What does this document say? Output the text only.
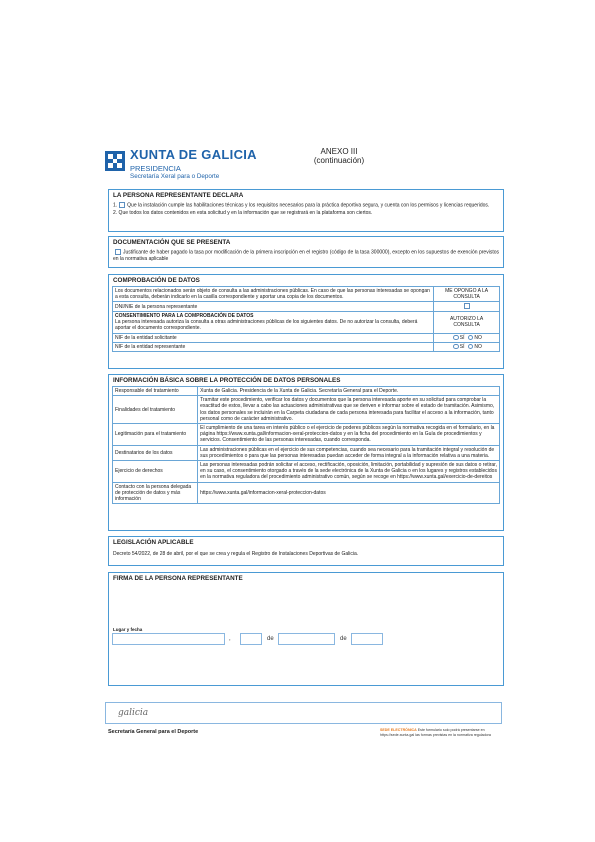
XUNTA DE GALICIA
PRESIDENCIA
Secretaría Xeral para o Deporte
ANEXO III
(continuación)
LA PERSONA REPRESENTANTE DECLARA

1. Que la instalación cumple las habilitaciones técnicas y los requisitos necesarios para la práctica deportiva segura, y cuenta con los permisos y licencias requeridos.

2. Que todos los datos contenidos en esta solicitud y en la información que se registrará en la plataforma son ciertos.

DOCUMENTACIÓN QUE SE PRESENTA

Justificante de haber pagado la tasa por modificación de la primera inscripción en el registro (código de la tasa 300000), excepto en los supuestos de exención previstos en la normativa aplicable

COMPROBACIÓN DE DATOS
Los documentos relacionados serán objeto de consulta a las administraciones públicas. En caso de que las personas interesadas se opongan a esta consulta, deberán indicarlo en la casilla correspondiente y aportar una copia de los documentos.	ME OPONGO A LA CONSULTA
DNI/NIE de la persona representante	

CONSENTIMIENTO PARA LA COMPROBACIÓN DE DATOS
La persona interesada autoriza la consulta a otras administraciones públicas de los siguientes datos. De no autorizar la consulta, deberá aportar el documento correspondiente.	AUTORIZO LA CONSULTA
NIF de la entidad solicitante	SÍ NO
NIF de la entidad representante	SÍ NO
INFORMACIÓN BÁSICA SOBRE LA PROTECCIÓN DE DATOS PERSONALES
Responsable del tratamiento	Xunta de Galicia. Presidencia de la Xunta de Galicia. Secretaría General para el Deporte.
Finalidades del tratamiento	Tramitar este procedimiento, verificar los datos y documentos que la persona interesada aporte en su solicitud para comprobar la exactitud de estos, llevar a cabo las actuaciones administrativas que se deriven e informar sobre el estado de tramitación. Asimismo, los datos personales se incluirán en la Carpeta ciudadana de cada persona interesada para facilitar el acceso a la información, tanto personal como de carácter administrativo.
Legitimación para el tratamiento	El cumplimiento de una tarea en interés público o el ejercicio de poderes públicos según la normativa recogida en el formulario, en la página https://www.xunta.gal/informacion-xeral-proteccion-datos y en la ficha del procedimiento en la Guía de procedimientos y servicios. Consentimiento de las personas interesadas, cuando corresponda.
Destinatarios de los datos	Las administraciones públicas en el ejercicio de sus competencias, cuando sea necesario para la tramitación integral y resolución de sus procedimientos o para que las personas interesadas puedan acceder de forma integral a la información relativa a una materia.
Ejercicio de derechos	Las personas interesadas podrán solicitar el acceso, rectificación, oposición, limitación, portabilidad y supresión de sus datos o retirar, en su caso, el consentimiento otorgado a través de la sede electrónica de la Xunta de Galicia o en los lugares y registros establecidos en la normativa reguladora del procedimiento administrativo común, según se recoge en https://www.xunta.gal/exercicio-de-dereitos
Contacto con la persona delegada de protección de datos y más información	https://www.xunta.gal/informacion-xeral-proteccion-datos
LEGISLACIÓN APLICABLE

Decreto 54/2022, de 28 de abril, por el que se crea y regula el Registro de Instalaciones Deportivas de Galicia.

FIRMA DE LA PERSONA REPRESENTANTE
Lugar y fecha
,	de	de
galicia
Secretaría General para el Deporte	SEDE ELECTRÓNICA Este formulario solo podrá presentarse en
https://sede.xunta.gal las formas previstas en la normativa reguladora
